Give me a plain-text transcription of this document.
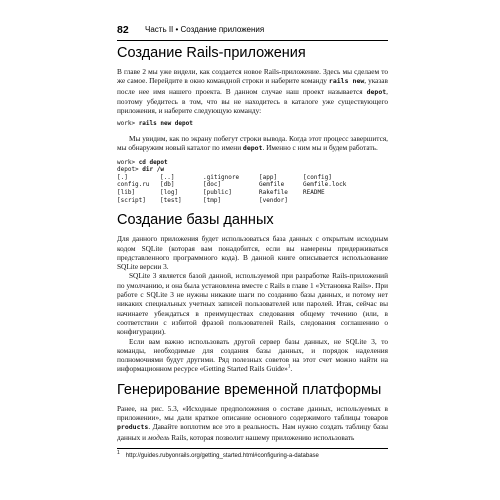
82 Часть II • Создание приложения
Создание Rails-приложения

В главе 2 мы уже видели, как создается новое Rails-приложение. Здесь мы сделаем то же самое. Перейдите в окно командной строки и наберите команду rails new, указав после нее имя нашего проекта. В данном случае наш проект называется depot, поэтому убедитесь в том, что вы не находитесь в каталоге уже существующего приложения, и наберите следующую команду:

work> rails new depot

Мы увидим, как по экрану побегут строки вывода. Когда этот процесс завершится, мы обнаружим новый каталог по имени depot. Именно с ним мы и будем работать.

work> cd depot
depot> dir /w
[.]	[..]	.gitignore	[app]	[config]
config.ru	[db]	[doc]	Gemfile	Gemfile.lock
[lib]	[log]	[public]	Rakefile	README
[script]	[test]	[tmp]	[vendor]
Создание базы данных

Для данного приложения будет использоваться база данных с открытым исходным кодом SQLite (которая вам понадобится, если вы намерены придерживаться представленного программного кода). В данной книге описывается использование SQLite версии 3.

SQLite 3 является базой данной, используемой при разработке Rails-приложений по умолчанию, и она была установлена вместе с Rails в главе 1 «Установка Rails». При работе с SQLite 3 не нужны никакие шаги по созданию базы данных, и потому нет никаких специальных учетных записей пользователей или паролей. Итак, сейчас вы начинаете убеждаться в преимуществах следования общему течению (или, в соответствии с избитой фразой пользователей Rails, следования соглашению о конфигурации).

Если вам важно использовать другой сервер базы данных, не SQLite 3, то команды, необходимые для создания базы данных, и порядок наделения полномочиями будут другими. Ряд полезных советов на этот счет можно найти на информационном ресурсе «Getting Started Rails Guide»$^1$.

Генерирование временной платформы

Ранее, на рис. 5.3, «Исходные предположения о составе данных, используемых в приложении», мы дали краткое описание основного содержимого таблицы товаров products. Давайте воплотим все это в реальность. Нам нужно создать таблицу базы данных и модель Rails, которая позволит нашему приложению использовать

$^1$ http://guides.rubyonrails.org/getting_started.html#configuring-a-database
